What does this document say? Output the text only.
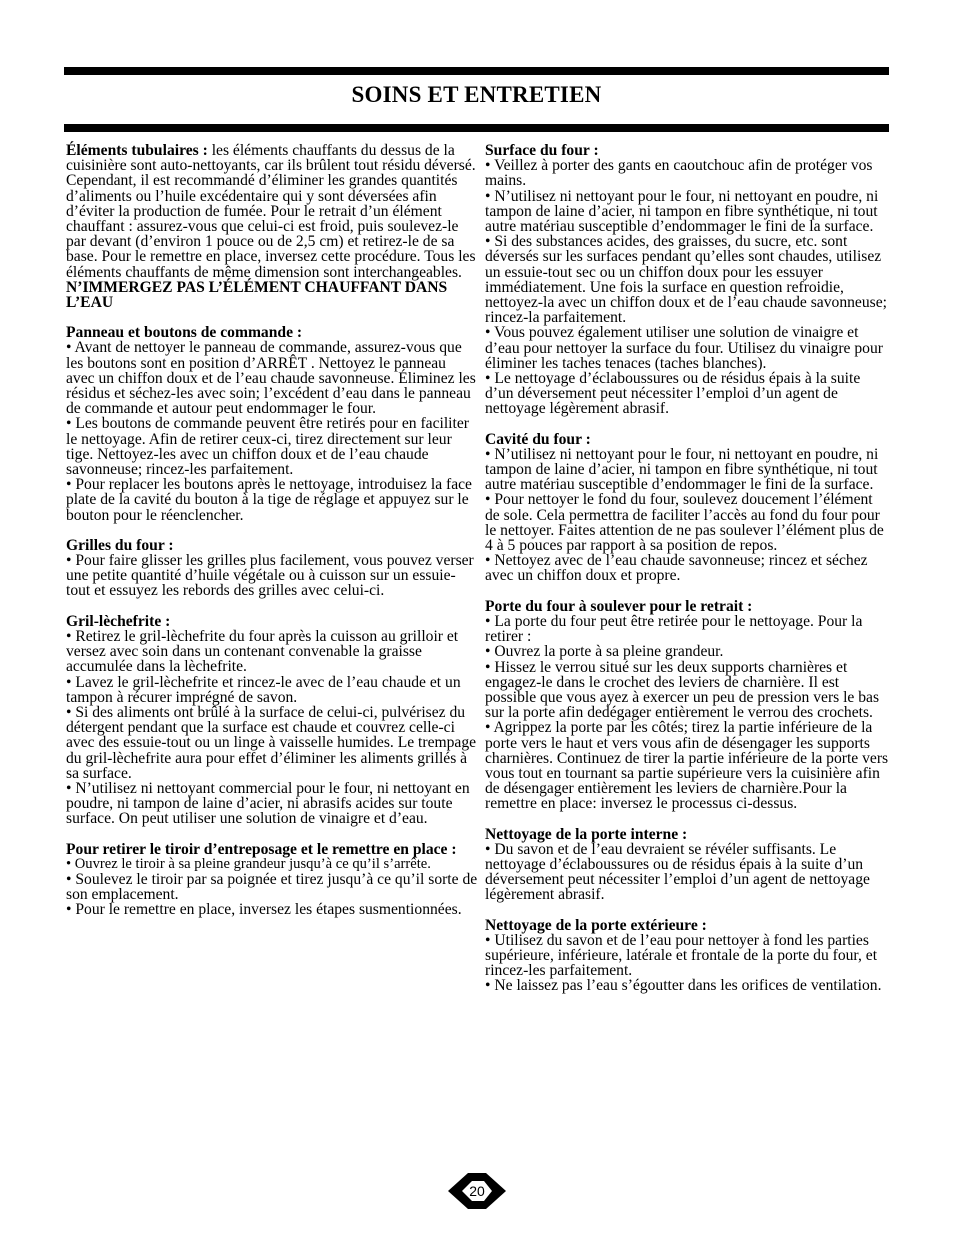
SOINS ET ENTRETIEN

Éléments tubulaires : les éléments chauffants du dessus de la cuisinière sont auto-nettoyants, car ils brûlent tout résidu déversé. Cependant, il est recommandé d’éliminer les grandes quantités d’aliments ou l’huile excédentaire qui y sont déversées afin d’éviter la production de fumée. Pour le retrait d’un élément chauffant : assurez-vous que celui-ci est froid, puis soulevez-le par devant (d’environ 1 pouce ou de 2,5 cm) et retirez-le de sa base. Pour le remettre en place, inversez cette procédure. Tous les éléments chauffants de même dimension sont interchangeables. N’IMMERGEZ PAS L’ÉLÉMENT CHAUFFANT DANS L’EAU

Panneau et boutons de commande :

• Avant de nettoyer le panneau de commande, assurez-vous que les boutons sont en position d’ARRÊT . Nettoyez le panneau avec un chiffon doux et de l’eau chaude savonneuse. Éliminez les résidus et séchez-les avec soin; l’excédent d’eau dans le panneau de commande et autour peut endommager le four.

• Les boutons de commande peuvent être retirés pour en faciliter le nettoyage. Afin de retirer ceux-ci, tirez directement sur leur tige. Nettoyez-les avec un chiffon doux et de l’eau chaude savonneuse; rincez-les parfaitement.

• Pour replacer les boutons après le nettoyage, introduisez la face plate de la cavité du bouton à la tige de réglage et appuyez sur le bouton pour le réenclencher.

Grilles du four :

• Pour faire glisser les grilles plus facilement, vous pouvez verser une petite quantité d’huile végétale ou à cuisson sur un essuie-tout et essuyez les rebords des grilles avec celui-ci.

Gril-lèchefrite :

• Retirez le gril-lèchefrite du four après la cuisson au grilloir et versez avec soin dans un contenant convenable la graisse accumulée dans la lèchefrite.

• Lavez le gril-lèchefrite et rincez-le avec de l’eau chaude et un tampon à récurer imprégné de savon.

• Si des aliments ont brûlé à la surface de celui-ci, pulvérisez du détergent pendant que la surface est chaude et couvrez celle-ci avec des essuie-tout ou un linge à vaisselle humides. Le trempage du gril-lèchefrite aura pour effet d’éliminer les aliments grillés à sa surface.

• N’utilisez ni nettoyant commercial pour le four, ni nettoyant en poudre, ni tampon de laine d’acier, ni abrasifs acides sur toute surface. On peut utiliser une solution de vinaigre et d’eau.

Pour retirer le tiroir d’entreposage et le remettre en place :

• Ouvrez le tiroir à sa pleine grandeur jusqu’à ce qu’il s’arrête.

• Soulevez le tiroir par sa poignée et tirez jusqu’à ce qu’il sorte de son emplacement.

• Pour le remettre en place, inversez les étapes susmentionnées.

Surface du four :

• Veillez à porter des gants en caoutchouc afin de protéger vos mains.

• N’utilisez ni nettoyant pour le four, ni nettoyant en poudre, ni tampon de laine d’acier, ni tampon en fibre synthétique, ni tout autre matériau susceptible d’endommager le fini de la surface.

• Si des substances acides, des graisses, du sucre, etc. sont déversés sur les surfaces pendant qu’elles sont chaudes, utilisez un essuie-tout sec ou un chiffon doux pour les essuyer immédiatement. Une fois la surface en question refroidie, nettoyez-la avec un chiffon doux et de l’eau chaude savonneuse; rincez-la parfaitement.

• Vous pouvez également utiliser une solution de vinaigre et d’eau pour nettoyer la surface du four. Utilisez du vinaigre pour éliminer les taches tenaces (taches blanches).

• Le nettoyage d’éclaboussures ou de résidus épais à la suite d’un déversement peut nécessiter l’emploi d’un agent de nettoyage légèrement abrasif.

Cavité du four :

• N’utilisez ni nettoyant pour le four, ni nettoyant en poudre, ni tampon de laine d’acier, ni tampon en fibre synthétique, ni tout autre matériau susceptible d’endommager le fini de la surface.

• Pour nettoyer le fond du four, soulevez doucement l’élément de sole. Cela permettra de faciliter l’accès au fond du four pour le nettoyer. Faites attention de ne pas soulever l’élément plus de 4 à 5 pouces par rapport à sa position de repos.

• Nettoyez avec de l’eau chaude savonneuse; rincez et séchez avec un chiffon doux et propre.

Porte du four à soulever pour le retrait :

• La porte du four peut être retirée pour le nettoyage. Pour la retirer :

• Ouvrez la porte à sa pleine grandeur.

• Hissez le verrou situé sur les deux supports charnières et engagez-le dans le crochet des leviers de charnière. Il est possible que vous ayez à exercer un peu de pression vers le bas sur la porte afin dedégager entièrement le verrou des crochets.

• Agrippez la porte par les côtés; tirez la partie inférieure de la porte vers le haut et vers vous afin de désengager les supports charnières. Continuez de tirer la partie inférieure de la porte vers vous tout en tournant sa partie supérieure vers la cuisinière afin de désengager entièrement les leviers de charnière.Pour la remettre en place: inversez le processus ci-dessus.

Nettoyage de la porte interne :

• Du savon et de l’eau devraient se révéler suffisants. Le nettoyage d’éclaboussures ou de résidus épais à la suite d’un déversement peut nécessiter l’emploi d’un agent de nettoyage légèrement abrasif.

Nettoyage de la porte extérieure :

• Utilisez du savon et de l’eau pour nettoyer à fond les parties supérieure, inférieure, latérale et frontale de la porte du four, et rincez-les parfaitement.

• Ne laissez pas l’eau s’égoutter dans les orifices de ventilation.

20
